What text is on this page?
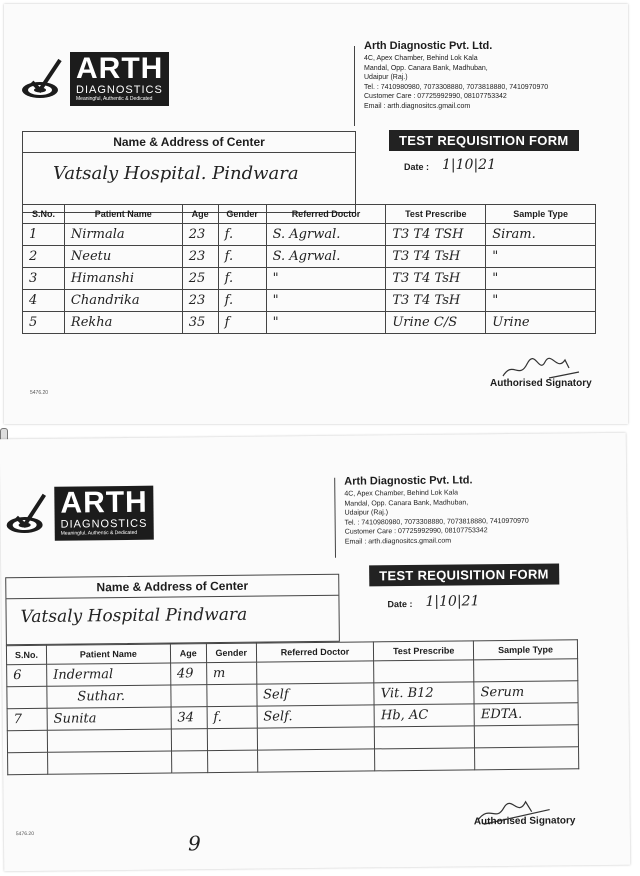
ARTH
DIAGNOSTICS
Meaningful, Authentic & Dedicated
Arth Diagnostic Pvt. Ltd.
4C, Apex Chamber, Behind Lok Kala
Mandal, Opp. Canara Bank, Madhuban,
Udaipur (Raj.)
Tel. : 7410980980, 7073308880, 7073818880, 7410970970
Customer Care : 07725992990, 08107753342
Email : arth.diagnositcs.gmail.com
Name & Address of Center
Vatsaly Hospital. Pindwara
TEST REQUISITION FORM
Date : 1|10|21
S.No.	Patient Name	Age	Gender	Referred Doctor	Test Prescribe	Sample Type
1	Nirmala	23	f.	S. Agrwal.	T3 T4 TSH	Siram.
2	Neetu	23	f.	S. Agrwal.	T3 T4 TsH	"
3	Himanshi	25	f.	"	T3 T4 TsH	"
4	Chandrika	23	f.	"	T3 T4 TsH	"
5	Rekha	35	f	"	Urine C/S	Urine
Authorised Signatory
5476.20
ARTH
DIAGNOSTICS
Meaningful, Authentic & Dedicated
Arth Diagnostic Pvt. Ltd.
4C, Apex Chamber, Behind Lok Kala
Mandal, Opp. Canara Bank, Madhuban,
Udaipur (Raj.)
Tel. : 7410980980, 7073308880, 7073818880, 7410970970
Customer Care : 07725992990, 08107753342
Email : arth.diagnositcs.gmail.com
Name & Address of Center
Vatsaly Hospital Pindwara
TEST REQUISITION FORM
Date : 1|10|21
S.No.	Patient Name	Age	Gender	Referred Doctor	Test Prescribe	Sample Type
6	Indermal	49	m			
	Suthar.			Self	Vit. B12	Serum
7	Sunita	34	f.	Self.	Hb, AC	EDTA.

Authorised Signatory
5476.20	9
